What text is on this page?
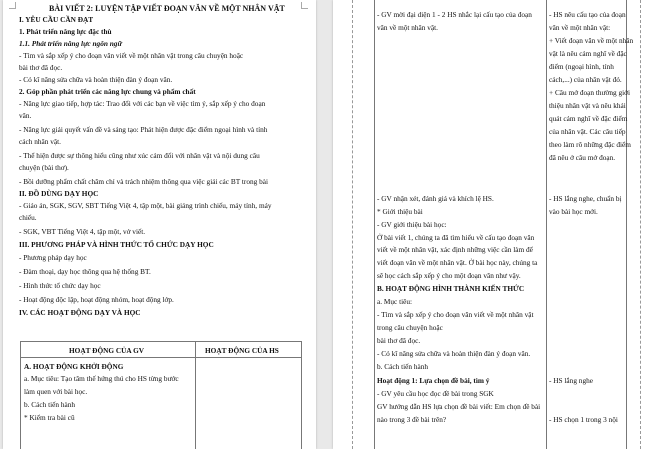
BÀI VIẾT 2: LUYỆN TẬP VIẾT ĐOẠN VĂN VỀ MỘT NHÂN VẬT
I. YÊU CẦU CẦN ĐẠT
1. Phát triển năng lực đặc thù
1.1. Phát triển năng lực ngôn ngữ
- Tìm và sắp xếp ý cho đoạn văn viết về một nhân vật trong câu chuyện hoặc
bài thơ đã đọc.
- Có kĩ năng sửa chữa và hoàn thiện đàn ý đoạn văn.
2. Góp phần phát triển các năng lực chung và phẩm chất
- Năng lực giao tiếp, hợp tác: Trao đổi với các bạn về việc tìm ý, sắp xếp ý cho đoạn
văn.
- Năng lực giải quyết vấn đề và sáng tạo: Phát hiện được đặc điểm ngoại hình và tính
cách nhân vật.
- Thể hiện được sự thông hiểu cũng như xúc cảm đối với nhân vật và nội dung câu
chuyện (bài thơ).
- Bồi dưỡng phẩm chất chăm chỉ và trách nhiệm thông qua việc giải các BT trong bài
II. ĐỒ DÙNG DẠY HỌC
- Giáo án, SGK, SGV, SBT Tiếng Việt 4, tập một, bài giảng trình chiếu, máy tính, máy
chiếu.
- SGK, VBT Tiếng Việt 4, tập một, vở viết.
III. PHƯƠNG PHÁP VÀ HÌNH THỨC TỔ CHỨC DẠY HỌC
- Phương pháp dạy học
- Đàm thoại, dạy học thông qua hệ thống BT.
- Hình thức tổ chức dạy học
- Hoạt động độc lập, hoạt động nhóm, hoạt động lớp.
IV. CÁC HOẠT ĐỘNG DẠY VÀ HỌC
HOẠT ĐỘNG CỦA GV	HOẠT ĐỘNG CỦA HS
A. HOẠT ĐỘNG KHỞI ĐỘNG
a. Mục tiêu: Tạo tâm thế hứng thú cho HS từng bước
làm quen với bài học.
b. Cách tiến hành
* Kiểm tra bài cũ
- GV mời đại diện 1 - 2 HS nhắc lại cấu tạo của đoạn
văn về một nhân vật.
- GV nhận xét, đánh giá và khích lệ HS.
* Giới thiệu bài
- GV giới thiệu bài học:
Ở bài viết 1, chúng ta đã tìm hiểu về cấu tạo đoạn văn
viết về một nhân vật, xác định những việc cần làm để
viết đoạn văn về một nhân vật. Ở bài học này, chúng ta
sẽ học cách sắp xếp ý cho một đoạn văn như vậy.
B. HOẠT ĐỘNG HÌNH THÀNH KIẾN THỨC
a. Mục tiêu:
- Tìm và sắp xếp ý cho đoạn văn viết về một nhân vật
trong câu chuyện hoặc
bài thơ đã đọc.
- Có kĩ năng sửa chữa và hoàn thiện đàn ý đoạn văn.
b. Cách tiến hành
Hoạt động 1: Lựa chọn đề bài, tìm ý
- GV yêu cầu học đọc đề bài trong SGK
GV hướng dẫn HS lựa chọn đề bài viết: Em chọn đề bài
nào trong 3 đề bài trên?
- HS nêu cấu tạo của đoạn
văn về một nhân vật:
+ Viết đoạn văn về một nhân
vật là nêu cảm nghĩ về đặc
điểm (ngoại hình, tính
cách,...) của nhân vật đó.
+ Câu mở đoạn thường giới
thiệu nhân vật và nêu khái
quát cảm nghĩ về đặc điểm
của nhân vật. Các câu tiếp
theo làm rõ những đặc điểm
đã nêu ở câu mở đoạn.
- HS lắng nghe, chuẩn bị
vào bài học mới.
- HS lắng nghe
- HS chọn 1 trong 3 nội
